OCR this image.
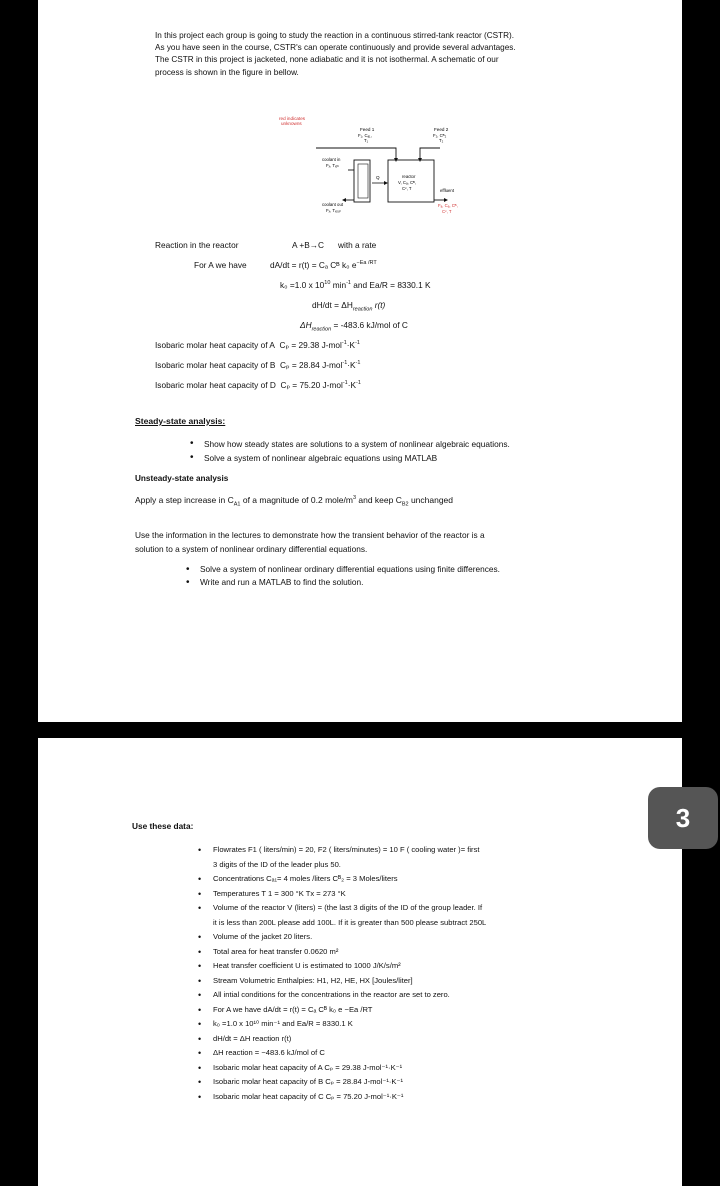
In this project each group is going to study the reaction in a continuous stirred-tank reactor (CSTR).
As you have seen in the course, CSTR's can operate continuously and provide several advantages.
The CSTR in this project is jacketed, none adiabatic and it is not isothermal. A schematic of our
process is shown in the figure in bellow.
red indicates
unknowns
Feed 1
F₁, Cₐ₁,
T₁
Feed 2
F₂, Cᴮ₂
T₂
coolant in
Fₓ, Tₓᵢₙ
coolant out
Fₓ, Tₓₒᵤₜ
Q	reactor
V, Cₐ, Cᴮ,
Cᶜ, T	effluent
Fₐ, Cₐ, Cᴮ,
Cᶜ, T
Reaction in the reactor	A +B→C with a rate
For A we have	dA/dt = r(t) = Cₐ Cᴮ k₀ $e^{-Ea /RT}$
k₀ =1.0 x $10^{10}$ $\min^{-1}$ and Ea/R = 8330.1 K
$dH/dt = \Delta H_{reaction}$ r(t)
$\Delta H_{reaction} = -483.6$ kJ/mol of C
Isobaric molar heat capacity of A Cₚ = 29.38 $J-mol^{-1}\cdot K^{-1}$
Isobaric molar heat capacity of B Cₚ = 28.84 $J-mol^{-1}\cdot K^{-1}$
Isobaric molar heat capacity of D Cₚ = 75.20 $J-mol^{-1}\cdot K^{-1}$
Steady-state analysis:
• Show how steady states are solutions to a system of nonlinear algebraic equations.
• Solve a system of nonlinear algebraic equations using MATLAB
Unsteady-state analysis
Apply a step increase in $C_{A1}$ of a magnitude of 0.2 mole/$m^3$ and keep $C_{B2}$ unchanged
Use the information in the lectures to demonstrate how the transient behavior of the reactor is a
solution to a system of nonlinear ordinary differential equations.
• Solve a system of nonlinear ordinary differential equations using finite differences.
• Write and run a MATLAB to find the solution.
Use these data:
• Flowrates F1 ( liters/min) = 20, F2 ( liters/minutes) = 10 F ( cooling water )= first
3 digits of the ID of the leader plus 50.
• Concentrations Cₐ₁= 4 moles /liters Cᴮ₂ = 3 Moles/liters
• Temperatures T 1 = 300 °K Tx = 273 °K
• Volume of the reactor V (liters) = (the last 3 digits of the ID of the group leader. If
it is less than 200L please add 100L. If it is greater than 500 please subtract 250L
• Volume of the jacket 20 liters.
• Total area for heat transfer 0.0620 m²
• Heat transfer coefficient U is estimated to 1000 J/K/s/m²
• Stream Volumetric Enthalpies: H1, H2, HE, HX [Joules/liter]
• All intial conditions for the concentrations in the reactor are set to zero.
• For A we have dA/dt = r(t) = Cₐ Cᴮ k₀ e −Ea /RT
• k₀ =1.0 x 10¹⁰ min⁻¹ and Ea/R = 8330.1 K
• dH/dt = ΔH reaction r(t)
• ΔH reaction = −483.6 kJ/mol of C
• Isobaric molar heat capacity of A Cₚ = 29.38 J-mol⁻¹·K⁻¹
• Isobaric molar heat capacity of B Cₚ = 28.84 J-mol⁻¹·K⁻¹
• Isobaric molar heat capacity of C Cₚ = 75.20 J-mol⁻¹·K⁻¹
3
